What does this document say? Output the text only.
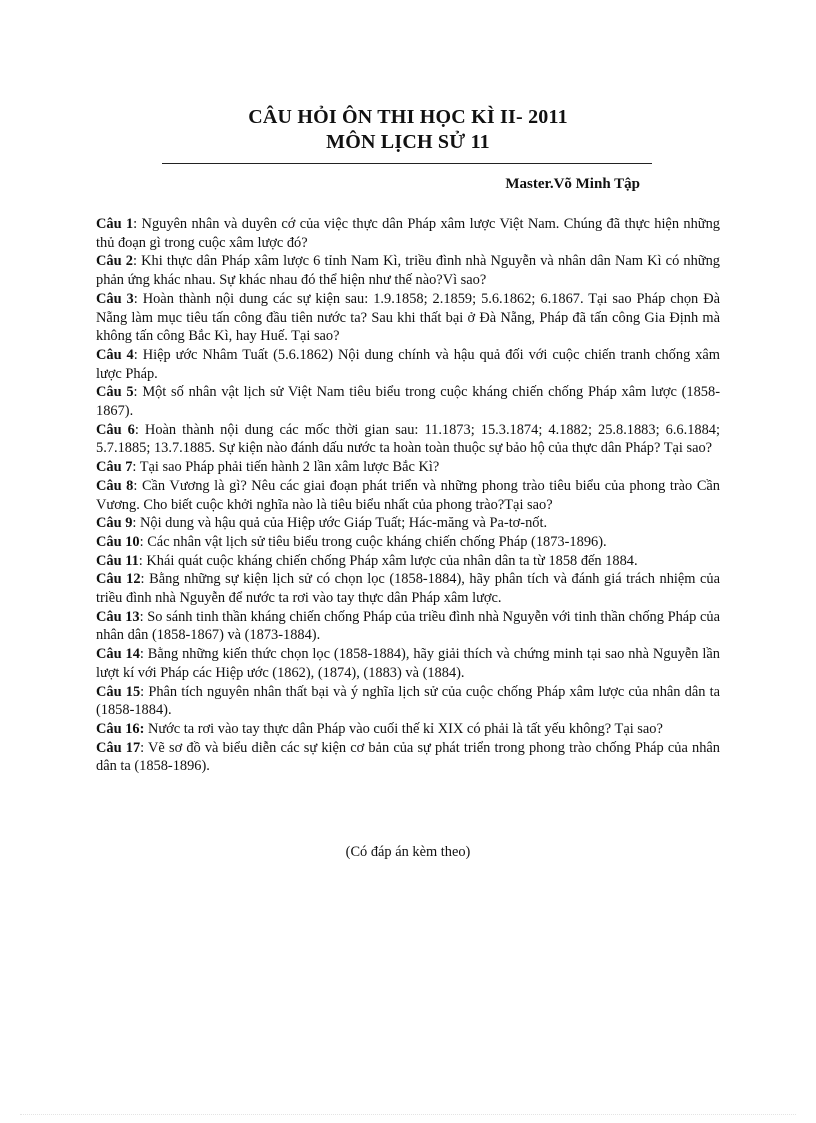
CÂU HỎI ÔN THI HỌC KÌ II- 2011
MÔN LỊCH SỬ 11
Master.Võ Minh Tập
Câu 1: Nguyên nhân và duyên cớ của việc thực dân Pháp xâm lược Việt Nam. Chúng đã thực hiện những thủ đoạn gì trong cuộc xâm lược đó?
Câu 2: Khi thực dân Pháp xâm lược 6 tỉnh Nam Kì, triều đình nhà Nguyễn và nhân dân Nam Kì có những phản ứng khác nhau. Sự khác nhau đó thể hiện như thế nào?Vì sao?
Câu 3: Hoàn thành nội dung các sự kiện sau: 1.9.1858; 2.1859; 5.6.1862; 6.1867. Tại sao Pháp chọn Đà Nẵng làm mục tiêu tấn công đầu tiên nước ta? Sau khi thất bại ở Đà Nẵng, Pháp đã tấn công Gia Định mà không tấn công Bắc Kì, hay Huế. Tại sao?
Câu 4: Hiệp ước Nhâm Tuất (5.6.1862) Nội dung chính và hậu quả đối với cuộc chiến tranh chống xâm lược Pháp.
Câu 5: Một số nhân vật lịch sử Việt Nam tiêu biểu trong cuộc kháng chiến chống Pháp xâm lược (1858-1867).
Câu 6: Hoàn thành nội dung các mốc thời gian sau: 11.1873; 15.3.1874; 4.1882; 25.8.1883; 6.6.1884; 5.7.1885; 13.7.1885. Sự kiện nào đánh dấu nước ta hoàn toàn thuộc sự bảo hộ của thực dân Pháp? Tại sao?
Câu 7: Tại sao Pháp phải tiến hành 2 lần xâm lược Bắc Kì?
Câu 8: Cần Vương là gì? Nêu các giai đoạn phát triển và những phong trào tiêu biểu của phong trào Cần Vương. Cho biết cuộc khởi nghĩa nào là tiêu biểu nhất của phong trào?Tại sao?
Câu 9: Nội dung và hậu quả của Hiệp ước Giáp Tuất; Hác-măng và Pa-tơ-nốt.
Câu 10: Các nhân vật lịch sử tiêu biểu trong cuộc kháng chiến chống Pháp (1873-1896).
Câu 11: Khái quát cuộc kháng chiến chống Pháp xâm lược của nhân dân ta từ 1858 đến 1884.
Câu 12: Bằng những sự kiện lịch sử có chọn lọc (1858-1884), hãy phân tích và đánh giá trách nhiệm của triều đình nhà Nguyễn để nước ta rơi vào tay thực dân Pháp xâm lược.
Câu 13: So sánh tinh thần kháng chiến chống Pháp của triều đình nhà Nguyễn với tinh thần chống Pháp của nhân dân (1858-1867) và (1873-1884).
Câu 14: Bằng những kiến thức chọn lọc (1858-1884), hãy giải thích và chứng minh tại sao nhà Nguyễn lần lượt kí với Pháp các Hiệp ước (1862), (1874), (1883) và (1884).
Câu 15: Phân tích nguyên nhân thất bại và ý nghĩa lịch sử của cuộc chống Pháp xâm lược của nhân dân ta (1858-1884).
Câu 16: Nước ta rơi vào tay thực dân Pháp vào cuối thế kỉ XIX có phải là tất yếu không? Tại sao?
Câu 17: Vẽ sơ đồ và biểu diễn các sự kiện cơ bản của sự phát triển trong phong trào chống Pháp của nhân dân ta (1858-1896).
(Có đáp án kèm theo)
